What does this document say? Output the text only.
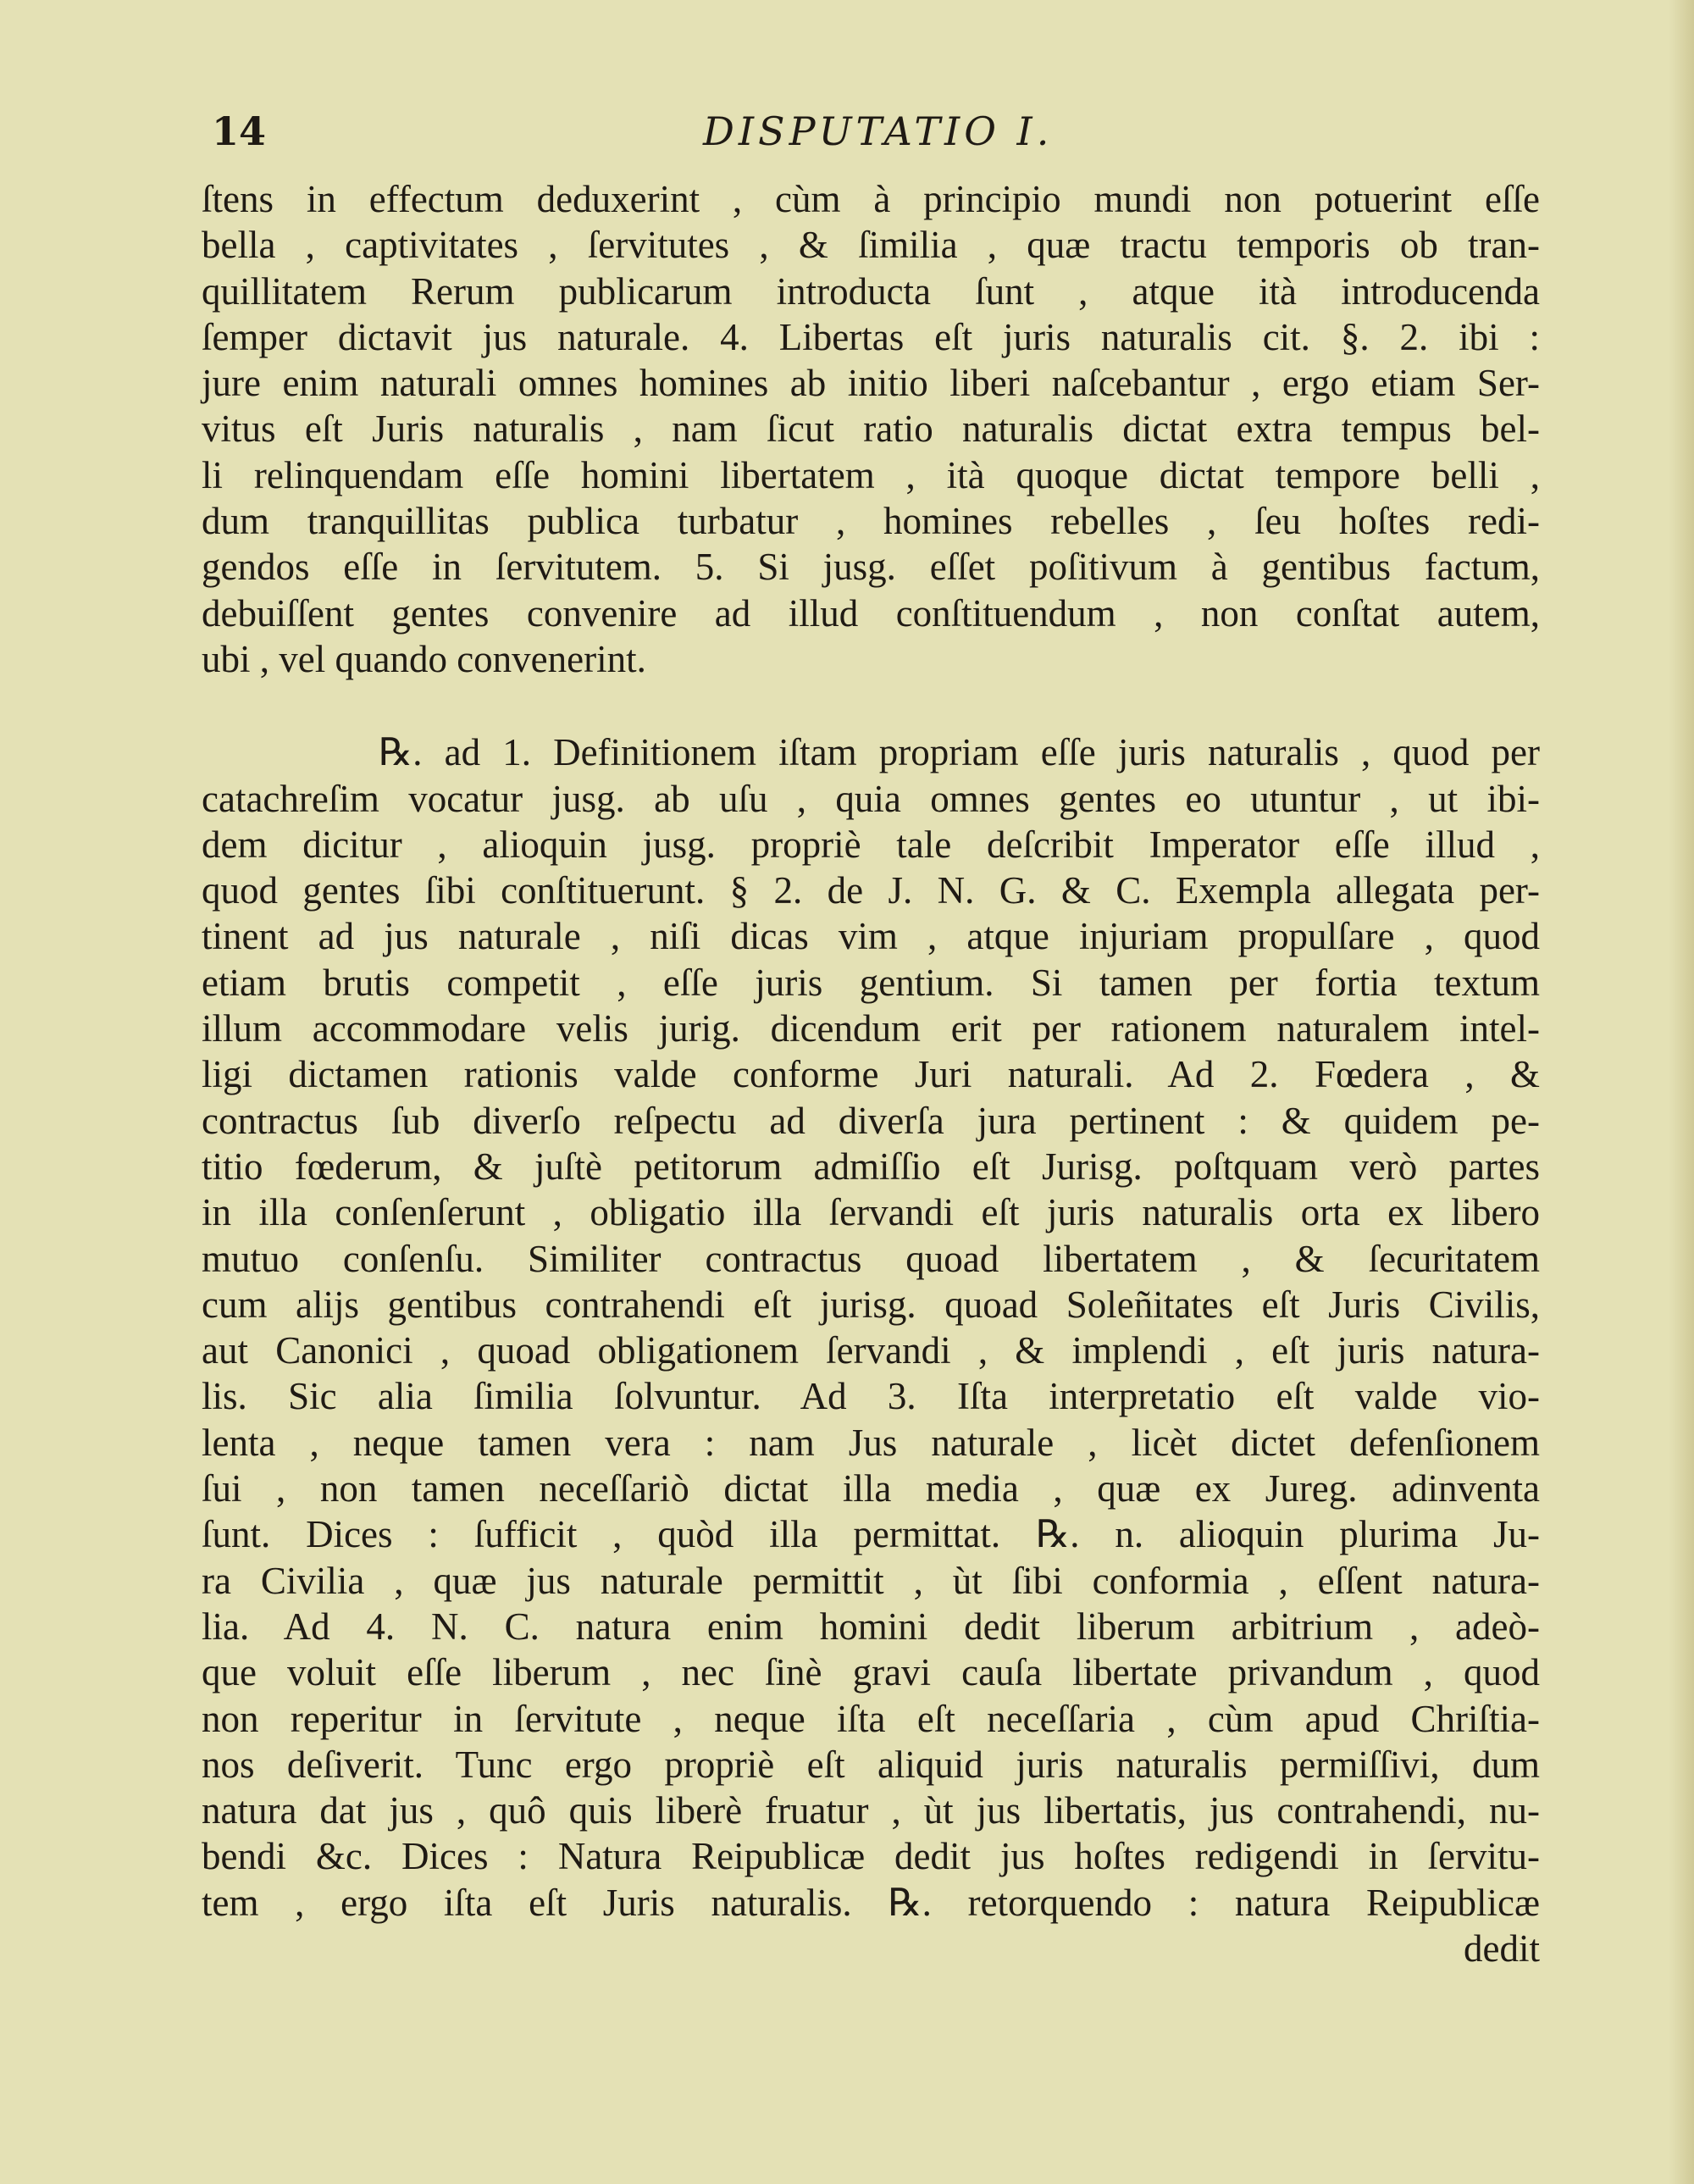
14	DISPUTATIO I.
ſtens in effectum deduxerint , cùm à principio mundi non potuerint eſſe
bella , captivitates , ſervitutes , & ſimilia , quæ tractu temporis ob tran-
quillitatem Rerum publicarum introducta ſunt , atque ità introducenda
ſemper dictavit jus naturale. 4. Libertas eſt juris naturalis cit. §. 2. ibi :
jure enim naturali omnes homines ab initio liberi naſcebantur , ergo etiam Ser-
vitus eſt Juris naturalis , nam ſicut ratio naturalis dictat extra tempus bel-
li relinquendam eſſe homini libertatem , ità quoque dictat tempore belli ,
dum tranquillitas publica turbatur , homines rebelles , ſeu hoſtes redi-
gendos eſſe in ſervitutem. 5. Si jusg. eſſet poſitivum à gentibus factum,
debuiſſent gentes convenire ad illud conſtituendum , non conſtat autem,
ubi , vel quando convenerint.
℞. ad 1. Definitionem iſtam propriam eſſe juris naturalis , quod per
catachreſim vocatur jusg. ab uſu , quia omnes gentes eo utuntur , ut ibi-
dem dicitur , alioquin jusg. propriè tale deſcribit Imperator eſſe illud ,
quod gentes ſibi conſtituerunt. § 2. de J. N. G. & C. Exempla allegata per-
tinent ad jus naturale , niſi dicas vim , atque injuriam propulſare , quod
etiam brutis competit , eſſe juris gentium. Si tamen per fortia textum
illum accommodare velis jurig. dicendum erit per rationem naturalem intel-
ligi dictamen rationis valde conforme Juri naturali. Ad 2. Fœdera , &
contractus ſub diverſo reſpectu ad diverſa jura pertinent : & quidem pe-
titio fœderum, & juſtè petitorum admiſſio eſt Jurisg. poſtquam verò partes
in illa conſenſerunt , obligatio illa ſervandi eſt juris naturalis orta ex libero
mutuo conſenſu. Similiter contractus quoad libertatem , & ſecuritatem
cum alijs gentibus contrahendi eſt jurisg. quoad Soleñitates eſt Juris Civilis,
aut Canonici , quoad obligationem ſervandi , & implendi , eſt juris natura-
lis. Sic alia ſimilia ſolvuntur. Ad 3. Iſta interpretatio eſt valde vio-
lenta , neque tamen vera : nam Jus naturale , licèt dictet defenſionem
ſui , non tamen neceſſariò dictat illa media , quæ ex Jureg. adinventa
ſunt. Dices : ſufficit , quòd illa permittat. ℞. n. alioquin plurima Ju-
ra Civilia , quæ jus naturale permittit , ùt ſibi conformia , eſſent natura-
lia. Ad 4. N. C. natura enim homini dedit liberum arbitrium , adeò-
que voluit eſſe liberum , nec ſinè gravi cauſa libertate privandum , quod
non reperitur in ſervitute , neque iſta eſt neceſſaria , cùm apud Chriſtia-
nos deſiverit. Tunc ergo propriè eſt aliquid juris naturalis permiſſivi, dum
natura dat jus , quô quis liberè fruatur , ùt jus libertatis, jus contrahendi, nu-
bendi &c. Dices : Natura Reipublicæ dedit jus hoſtes redigendi in ſervitu-
tem , ergo iſta eſt Juris naturalis. ℞. retorquendo : natura Reipublicæ
dedit
